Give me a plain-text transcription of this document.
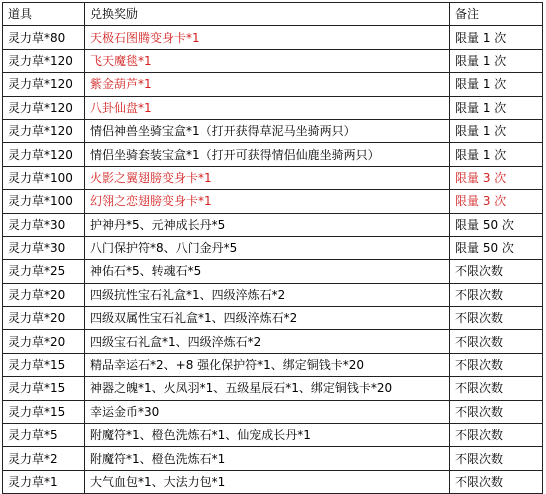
道具	兑换奖励	备注
灵力草*80	天极石图腾变身卡*1	限量 1 次
灵力草*120	飞天魔毯*1	限量 1 次
灵力草*120	紫金葫芦*1	限量 1 次
灵力草*120	八卦仙盘*1	限量 1 次
灵力草*120	情侣神兽坐骑宝盒*1（打开获得草泥马坐骑两只）	限量 1 次
灵力草*120	情侣坐骑套装宝盒*1（打开可获得情侣仙鹿坐骑两只）	限量 1 次
灵力草*100	火影之翼翅膀变身卡*1	限量 3 次
灵力草*100	幻翎之恋翅膀变身卡*1	限量 3 次
灵力草*30	护神丹*5、元神成长丹*5	限量 50 次
灵力草*30	八门保护符*8、八门金丹*5	限量 50 次
灵力草*25	神佑石*5、转魂石*5	不限次数
灵力草*20	四级抗性宝石礼盒*1、四级淬炼石*2	不限次数
灵力草*20	四级双属性宝石礼盒*1、四级淬炼石*2	不限次数
灵力草*20	四级宝石礼盒*1、四级淬炼石*2	不限次数
灵力草*15	精品幸运石*2、+8 强化保护符*1、绑定铜钱卡*20	不限次数
灵力草*15	神器之魄*1、火凤羽*1、五级星辰石*1、绑定铜钱卡*20	不限次数
灵力草*15	幸运金币*30	不限次数
灵力草*5	附魔符*1、橙色洗炼石*1、仙宠成长丹*1	不限次数
灵力草*2	附魔符*1、橙色洗炼石*1	不限次数
灵力草*1	大气血包*1、大法力包*1	不限次数
